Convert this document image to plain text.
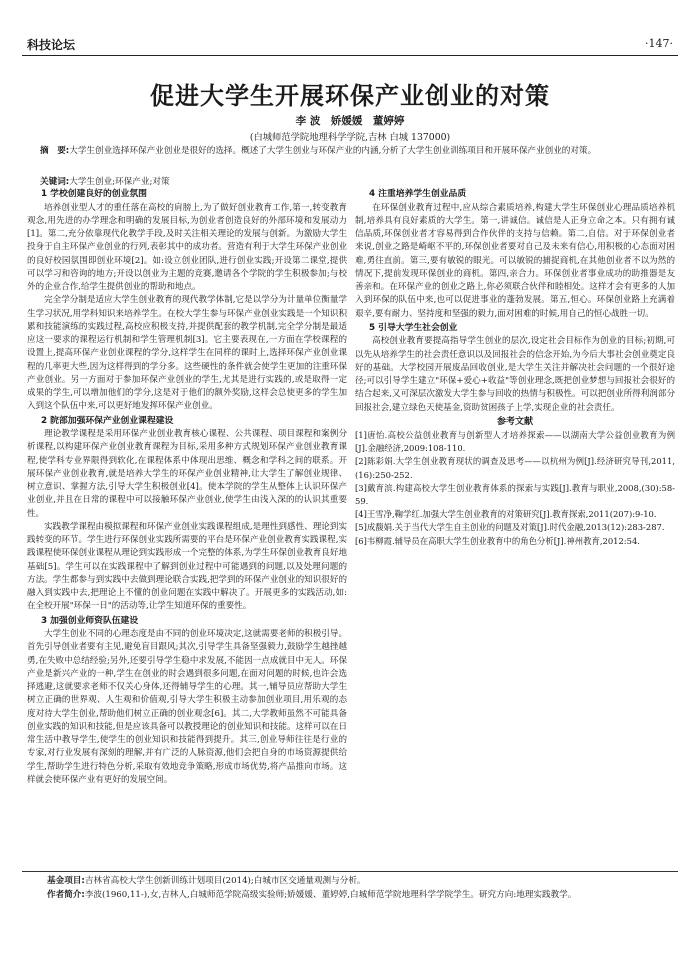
科技论坛	·147·
促进大学生开展环保产业创业的对策
李 波　娇媛媛　董婷婷
(白城师范学院地理科学学院,吉林 白城 137000)
摘　要:大学生创业选择环保产业创业是很好的选择。概述了大学生创业与环保产业的内涵,分析了大学生创业训练项目和开展环保产业创业的对策。
关键词:大学生创业;环保产业;对策
1 学校创建良好的创业氛围

培养创业型人才的重任落在高校的肩膀上,为了做好创业教育工作,第一,转变教育观念,用先进的办学理念和明确的发展目标,为创业者创造良好的外部环境和发展动力[1]。第二,充分依靠现代化教学手段,及时关注相关理论的发展与创新。为激励大学生投身于自主环保产业创业的行列,表彰其中的成功者。营造有利于大学生环保产业创业的良好校园氛围即创业环境[2]。如:设立创业团队,进行创业实践;开设第二课堂,提供可以学习和咨询的地方;开设以创业为主题的竞赛,邀请各个学院的学生积极参加;与校外的企业合作,给学生提供创业的帮助和地点。

完全学分制是适应大学生创业教育的现代教学体制,它是以学分为计量单位衡量学生学习状况,用学科知识来培养学生。在校大学生参与环保产业创业实践是一个知识积累和技能演练的实践过程,高校应积极支持,并提供配套的教学机制,完全学分制是最适应这一要求的课程运行机制和学生管理机制[3]。它主要表现在,一方面在学校课程的设置上,提高环保产业创业课程的学分,这样学生在同样的课时上,选择环保产业创业课程的几率更大些,因为这样得到的学分多。这些硬性的条件就会使学生更加的注重环保产业创业。另一方面对于参加环保产业创业的学生,尤其是进行实践的,或是取得一定成果的学生,可以增加他们的学分,这是对于他们的额外奖励,这样会总使更多的学生加入到这个队伍中来,可以更好地发挥环保产业创业。

2 院部加强环保产业创业课程建设

理论教学课程是采用环保产业创业教育核心课程、公共课程、项目课程和案例分析课程,以构建环保产业创业教育课程为目标,采用多种方式规划环保产业创业教育课程,使学科专业界限得到软化,在课程体系中体现出思维、概念和学科之间的联系。开展环保产业创业教育,就是培养大学生的环保产业创业精神,让大学生了解创业规律、树立意识、掌握方法,引导大学生积极创业[4]。使本学院的学生从整体上认识环保产业创业,并且在日常的课程中可以接触环保产业创业,使学生由浅入深的的认识其重要性。

实践教学课程由模拟课程和环保产业创业实践课程组成,是理性到感性、理论到实践转变的环节。学生进行环保创业实践所需要的平台是环保产业创业教育实践课程,实践课程使环保创业课程从理论到实践形成一个完整的体系,为学生环保创业教育良好地基础[5]。学生可以在实践课程中了解到创业过程中可能遇到的问题,以及处理问题的方法。学生都参与到实践中去做到理论联合实践,把学到的环保产业创业的知识很好的融入到实践中去,把理论上不懂的创业问题在实践中解决了。开展更多的实践活动,如:在全校开展"环保一日"的活动等,让学生知道环保的重要性。

3 加强创业师资队伍建设

大学生创业不同的心理态度是由不同的创业环境决定,这就需要老师的积极引导。首先引导创业者要有主见,避免盲目跟风;其次,引导学生具备坚强毅力,鼓励学生越挫越勇,在失败中总结经验;另外,还要引导学生稳中求发展,不能因一点成就目中无人。环保产业是新兴产业的一种,学生在创业的时会遇到很多问题,在面对问题的时候,也许会选择逃避,这就要求老师不仅关心身体,还得辅导学生的心理。其一,辅导员应帮助大学生树立正确的世界观、人生观和价值观,引导大学生积极主动参加创业项目,用乐观的态度对待大学生创业,帮助他们树立正确的创业观念[6]。其二,大学教师虽然不可能具备创业实践的知识和技能,但是应该具备可以教授理论的创业知识和技能。这样可以在日常生活中教导学生,使学生的创业知识和技能得到提升。其三,创业导师往往是行业的专家,对行业发展有深刻的理解,并有广泛的人脉资源,他们会把自身的市场资源提供给学生,帮助学生进行特色分析,采取有效地竞争策略,形成市场优势,将产品推向市场。这样就会使环保产业有更好的发展空间。

4 注重培养学生创业品质

在环保创业教育过程中,应从综合素质培养,构建大学生环保创业心理品质培养机制,培养具有良好素质的大学生。第一,讲诚信。诚信是人正身立命之本。只有拥有诚信品质,环保创业者才容易得到合作伙伴的支持与信赖。第二,自信。对于环保创业者来说,创业之路是崎岖不平的,环保创业者要对自己及未来有信心,用积极的心态面对困难,勇往直前。第三,要有敏锐的眼光。可以敏锐的捕捉商机,在其他创业者不以为然的情况下,提前发现环保创业的商机。第四,亲合力。环保创业者事业成功的助推器是友善亲和。在环保产业的创业之路上,你必须联合伙伴和睦相处。这样才会有更多的人加入到环保的队伍中来,也可以促进事业的蓬勃发展。第五,恒心。环保创业路上充满着艰辛,要有耐力、坚持度和坚强的毅力,面对困难的时候,用自己的恒心战胜一切。

5 引导大学生社会创业

高校创业教育要提高指导学生创业的层次,设定社会目标作为创业的目标;初期,可以先从培养学生的社会责任意识以及回报社会的信念开始,为今后大事社会创业奠定良好的基础。大学校园开展废品回收创业,是大学生关注并解决社会问题的一个很好途径;可以引导学生建立"环保+爱心+收益"等创业理念,既把创业梦想与回报社会很好的结合起来,又可深层次激发大学生参与回收的热情与积极性。可以把创业所得利润部分回报社会,建立绿色天使基金,资助贫困孩子上学,实现企业的社会责任。

参考文献
[1]唐怡.高校公益创业教育与创新型人才培养探索——以湖南大学公益创业教育为例[J].金融经济,2009:108-110.
[2]陈彩娟.大学生创业教育现状的调查及思考——以杭州为例[J].经济研究导刊,2011,(16):250-252.
[3]戴育滨.构建高校大学生创业教育体系的探索与实践[J].教育与职业,2008,(30):58-59.
[4]王雪净,鞠学红.加强大学生创业教育的对策研究[J].教育探索,2011(207):9-10.
[5]成馥娟.关于当代大学生自主创业的问题及对策[J].时代金融,2013(12):283-287.
[6]韦柳霞.辅导员在高职大学生创业教育中的角色分析[J].神州教育,2012:54.
基金项目:吉林省高校大学生创新训练计划项目(2014);白城市区交通量观测与分析。
作者简介:李波(1960,11-),女,吉林人,白城师范学院高级实验师;娇媛媛、董婷婷,白城师范学院地理科学学院学生。研究方向:地理实践教学。
